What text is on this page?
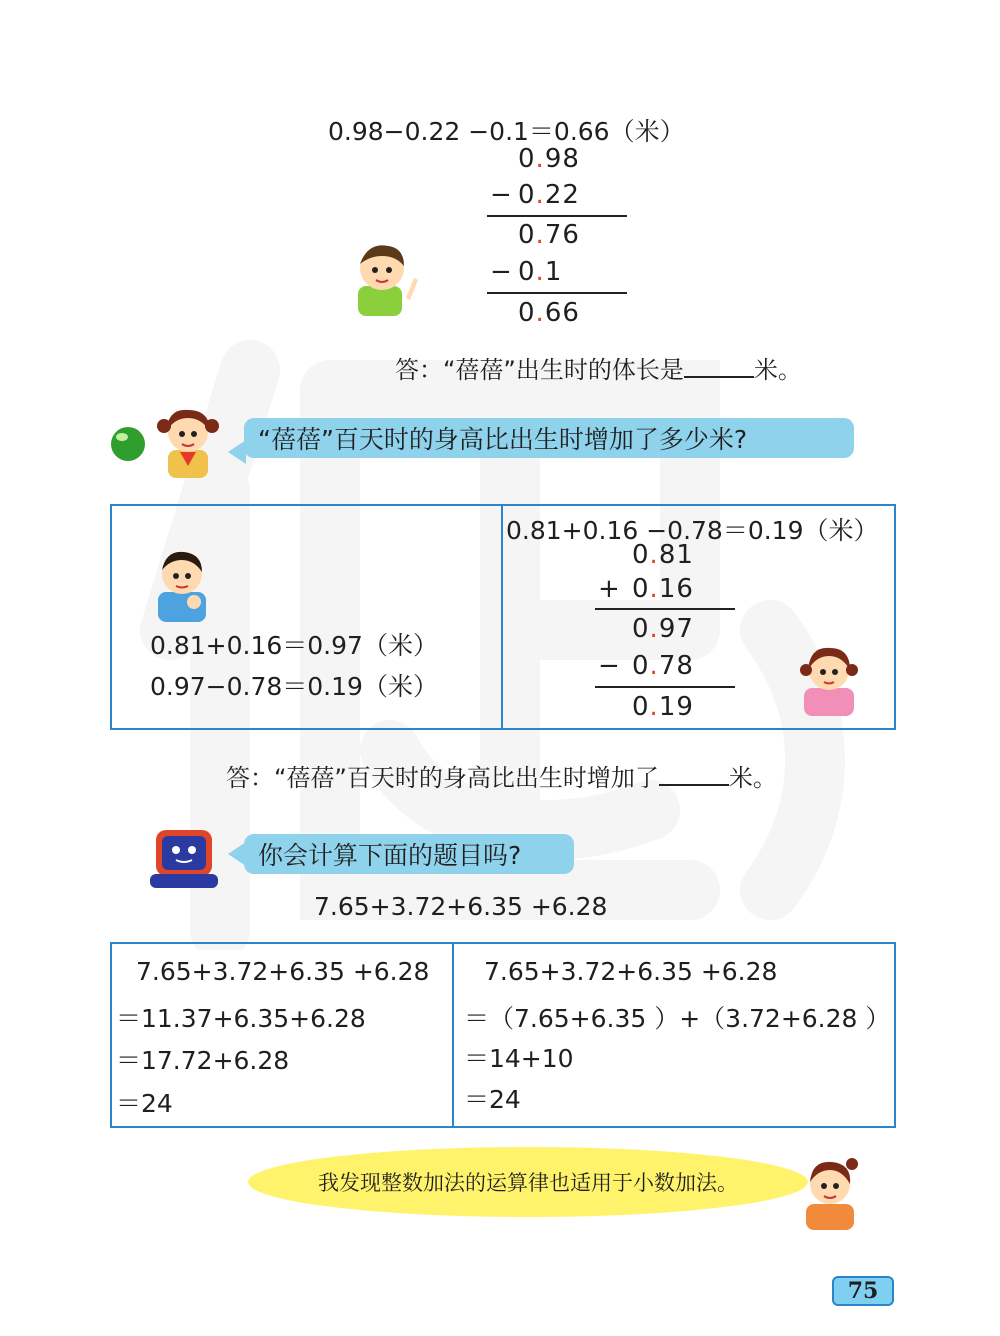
0.98−0.22 −0.1＝0.66（米）
0.98
− 0.22
0.76
− 0.1
0.66
答：“蓓蓓”出生时的体长是	米。
“蓓蓓”百天时的身高比出生时增加了多少米?
0.81+0.16＝0.97（米）
0.97−0.78＝0.19（米）
0.81+0.16 −0.78＝0.19（米）
0.81
+ 0.16
0.97
− 0.78
0.19
答：“蓓蓓”百天时的身高比出生时增加了	米。
你会计算下面的题目吗?
7.65+3.72+6.35 +6.28
7.65+3.72+6.35 +6.28
＝11.37+6.35+6.28
＝17.72+6.28
＝24
7.65+3.72+6.35 +6.28
＝（7.65+6.35 ）+（3.72+6.28 ）
＝14+10
＝24
我发现整数加法的运算律也适用于小数加法。
75
